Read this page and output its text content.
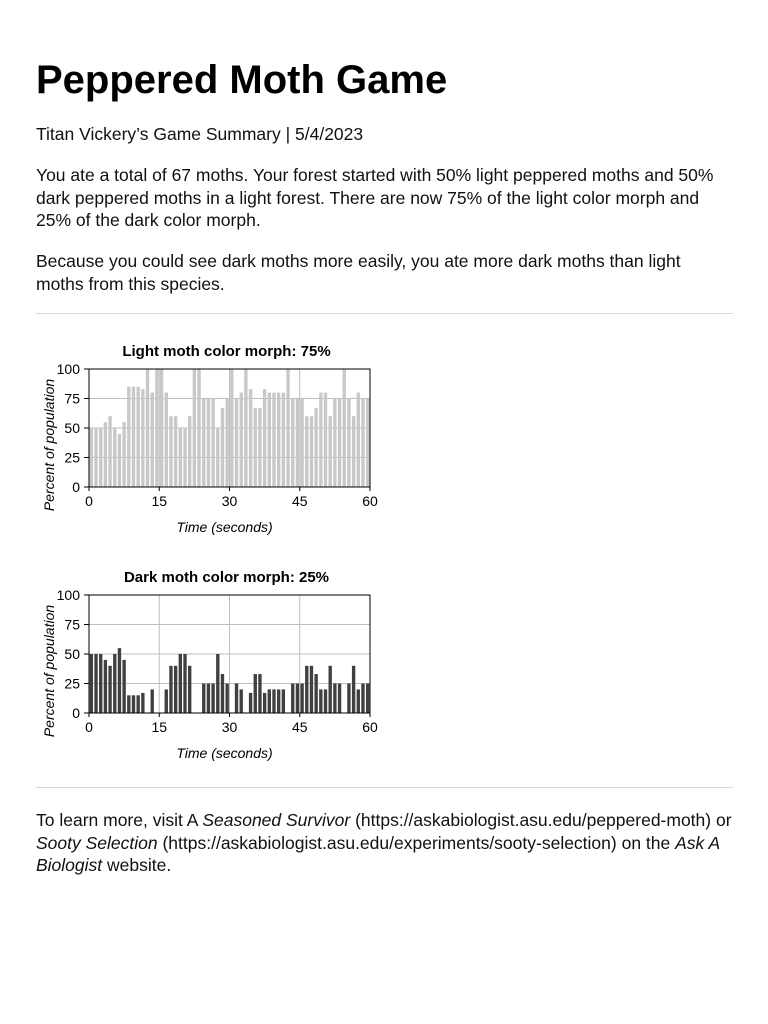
Peppered Moth Game
Titan Vickery’s Game Summary | 5/4/2023

You ate a total of 67 moths. Your forest started with 50% light peppered moths and 50% dark peppered moths in a light forest. There are now 75% of the light color morph and 25% of the dark color morph.

Because you could see dark moths more easily, you ate more dark moths than light moths from this species.

Light moth color morph: 75%
0
25
50
75
100
0	15	30	45	60
Time (seconds)
Percent of population
Dark moth color morph: 25%
0
25
50
75
100
0	15	30	45	60
Time (seconds)
Percent of population

To learn more, visit A Seasoned Survivor (https://askabiologist.asu.edu/peppered-moth) or Sooty Selection (https://askabiologist.asu.edu/experiments/sooty-selection) on the Ask A Biologist website.
